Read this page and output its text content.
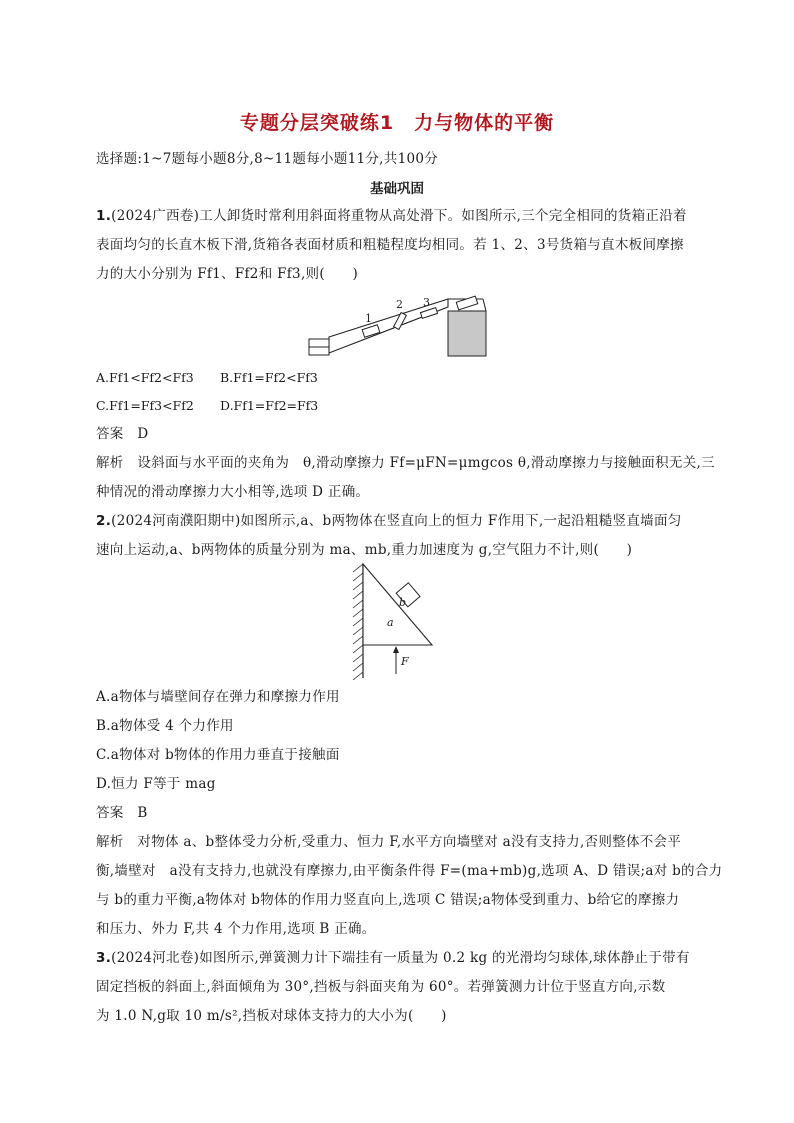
专题分层突破练1　力与物体的平衡
选择题:1~7题每小题8分,8~11题每小题11分,共100分
基础巩固
1.(2024广西卷)工人卸货时常利用斜面将重物从高处滑下。如图所示,三个完全相同的货箱正沿着
表面均匀的长直木板下滑,货箱各表面材质和粗糙程度均相同。若 1、2、3号货箱与直木板间摩擦
力的大小分别为 Ff1、Ff2和 Ff3,则(　　)
1
2 3
A.Ff1<Ff2<Ff3 B.Ff1=Ff2<Ff3
C.Ff1=Ff3<Ff2 D.Ff1=Ff2=Ff3
答案　D
解析　设斜面与水平面的夹角为　θ,滑动摩擦力 Ff=μFN=μmgcos θ,滑动摩擦力与接触面积无关,三
种情况的滑动摩擦力大小相等,选项 D 正确。
2.(2024河南濮阳期中)如图所示,a、b两物体在竖直向上的恒力 F作用下,一起沿粗糙竖直墙面匀
速向上运动,a、b两物体的质量分别为 ma、mb,重力加速度为 g,空气阻力不计,则(　　)
b
a
F
A.a物体与墙壁间存在弹力和摩擦力作用
B.a物体受 4 个力作用
C.a物体对 b物体的作用力垂直于接触面
D.恒力 F等于 mag
答案　B
解析　对物体 a、b整体受力分析,受重力、恒力 F,水平方向墙壁对 a没有支持力,否则整体不会平
衡,墙壁对　a没有支持力,也就没有摩擦力,由平衡条件得 F=(ma+mb)g,选项 A、D 错误;a对 b的合力
与 b的重力平衡,a物体对 b物体的作用力竖直向上,选项 C 错误;a物体受到重力、b给它的摩擦力
和压力、外力 F,共 4 个力作用,选项 B 正确。
3.(2024河北卷)如图所示,弹簧测力计下端挂有一质量为 0.2 kg 的光滑均匀球体,球体静止于带有
固定挡板的斜面上,斜面倾角为 30°,挡板与斜面夹角为 60°。若弹簧测力计位于竖直方向,示数
为 1.0 N,g取 10 m/s²,挡板对球体支持力的大小为(　　)
